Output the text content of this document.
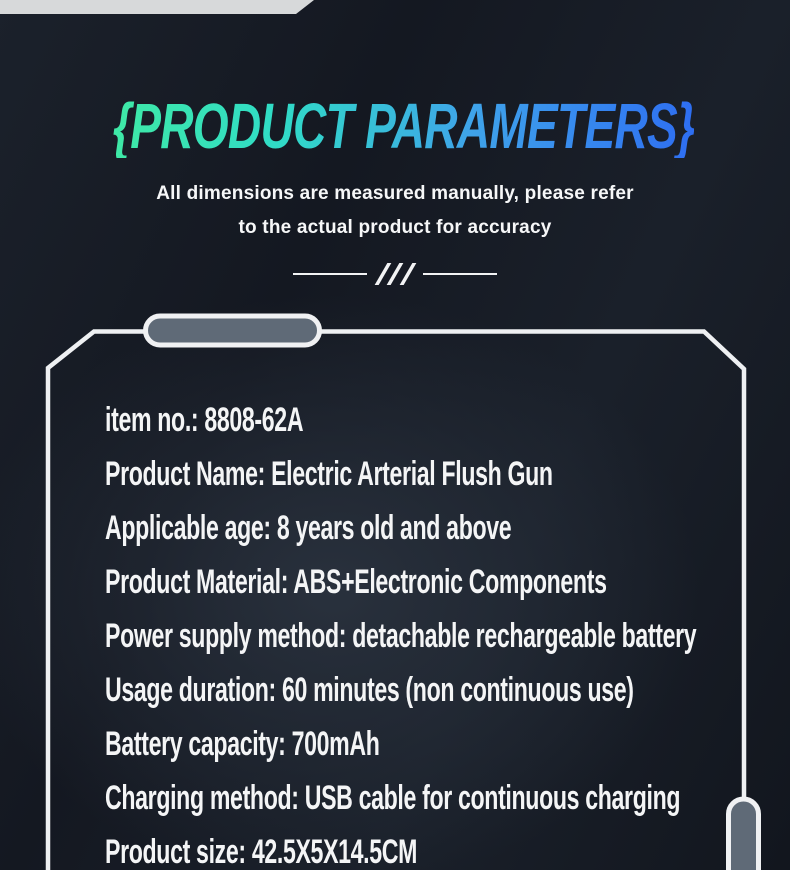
{PRODUCT PARAMETERS}
All dimensions are measured manually, please refer
to the actual product for accuracy
item no.: 8808-62A
Product Name: Electric Arterial Flush Gun
Applicable age: 8 years old and above
Product Material: ABS+Electronic Components
Power supply method: detachable rechargeable battery
Usage duration: 60 minutes (non continuous use)
Battery capacity: 700mAh
Charging method: USB cable for continuous charging
Product size: 42.5X5X14.5CM
